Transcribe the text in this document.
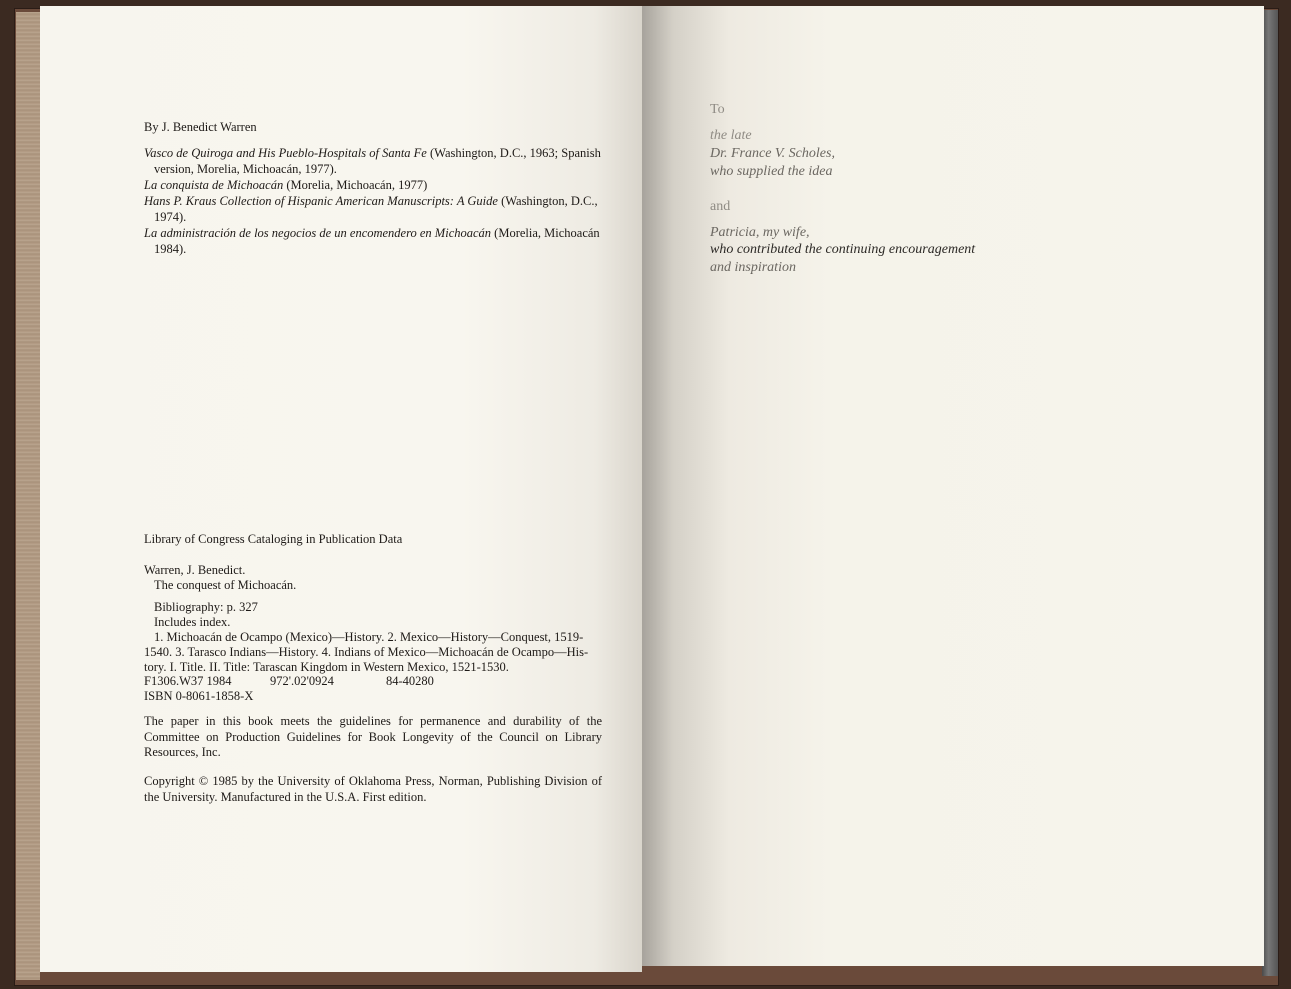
By J. Benedict Warren
Vasco de Quiroga and His Pueblo-Hospitals of Santa Fe (Washington, D.C., 1963; Spanish
version, Morelia, Michoacán, 1977).
La conquista de Michoacán (Morelia, Michoacán, 1977)
Hans P. Kraus Collection of Hispanic American Manuscripts: A Guide (Washington, D.C.,
1974).
La administración de los negocios de un encomendero en Michoacán (Morelia, Michoacán
1984).
Library of Congress Cataloging in Publication Data
Warren, J. Benedict.
The conquest of Michoacán.
Bibliography: p. 327
Includes index.
1. Michoacán de Ocampo (Mexico)—History. 2. Mexico—History—Conquest, 1519-
1540. 3. Tarasco Indians—History. 4. Indians of Mexico—Michoacán de Ocampo—His-
tory. I. Title. II. Title: Tarascan Kingdom in Western Mexico, 1521-1530.
F1306.W37 1984	972'.02'0924	84-40280
ISBN 0-8061-1858-X
The paper in this book meets the guidelines for permanence and durability of the Committee on Production Guidelines for Book Longevity of the Council on Library Resources, Inc.
Copyright © 1985 by the University of Oklahoma Press, Norman, Publishing Division of the University. Manufactured in the U.S.A. First edition.
To
the late
Dr. France V. Scholes,
who supplied the idea
and
Patricia, my wife,
who contributed the continuing encouragement
and inspiration
